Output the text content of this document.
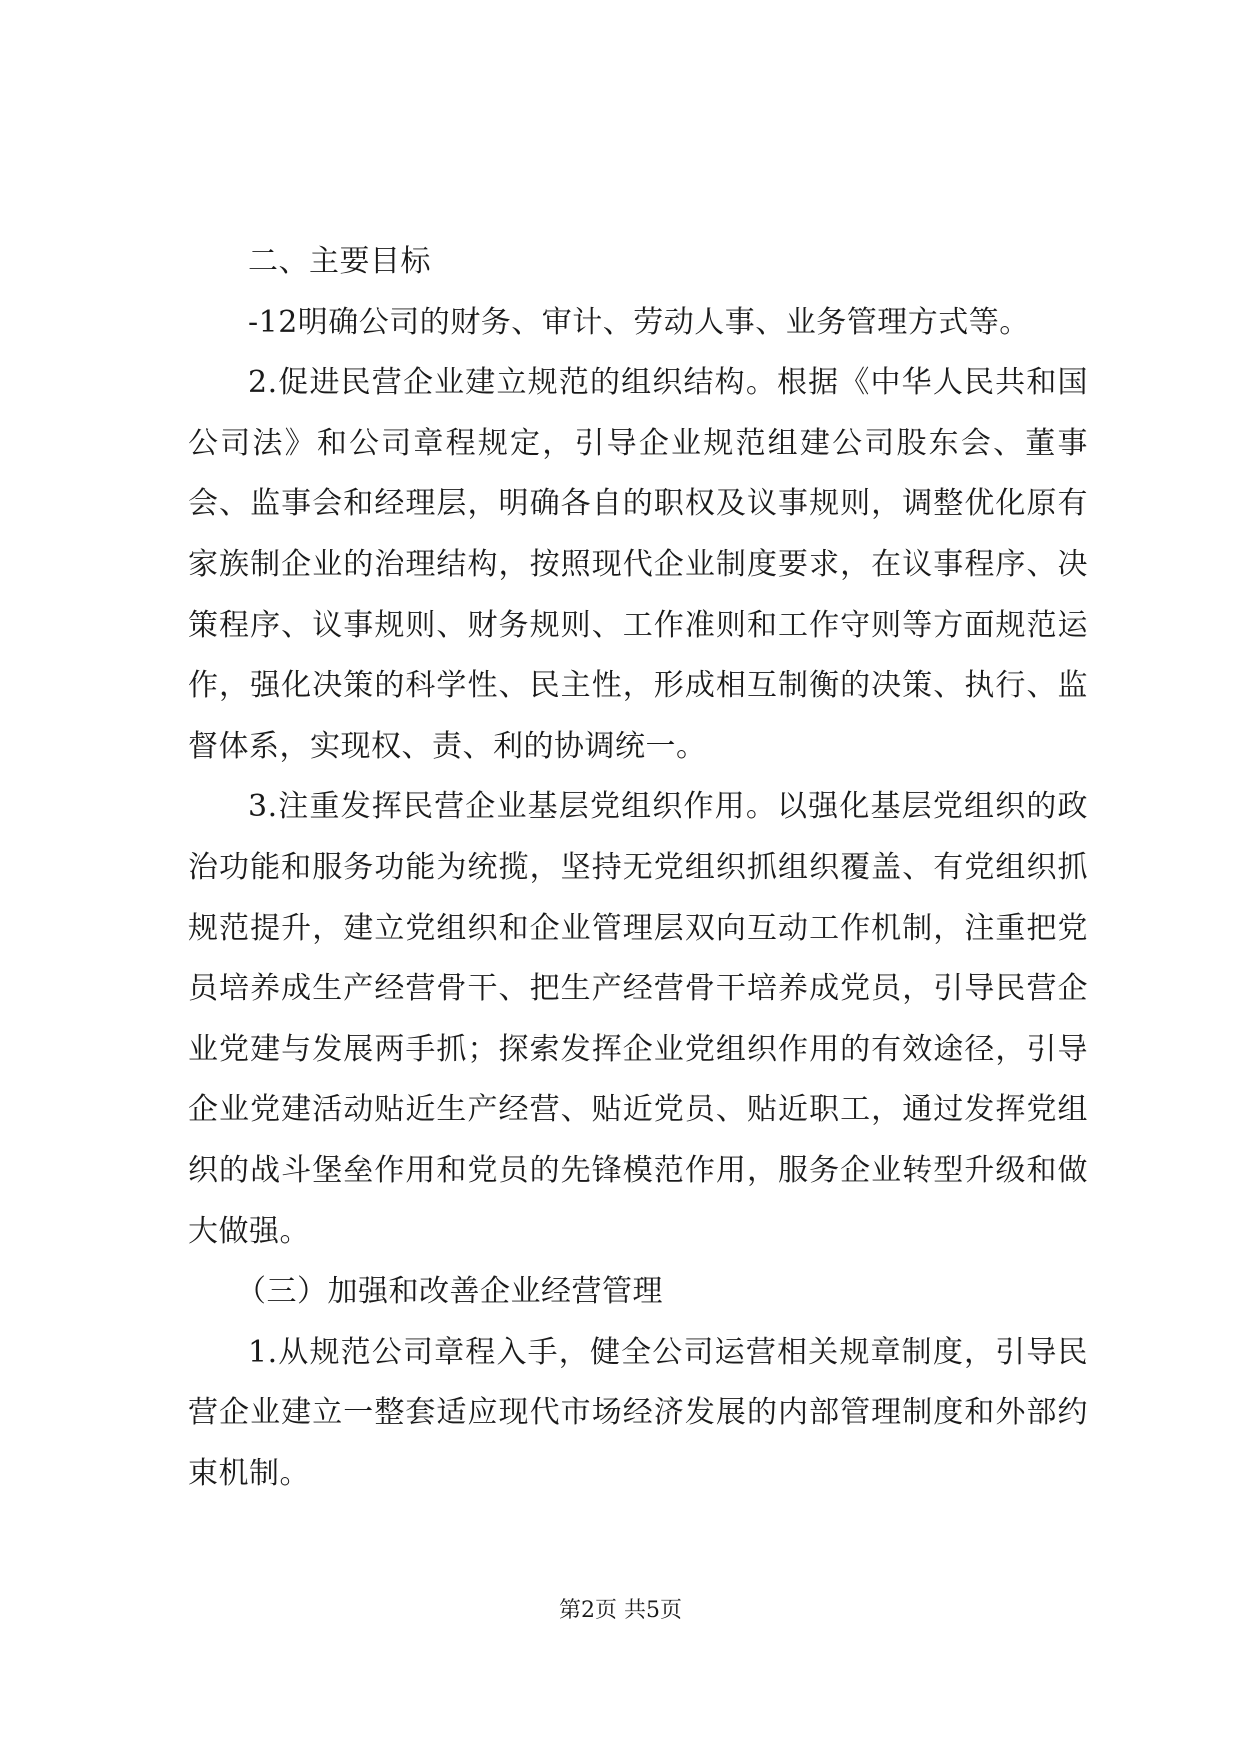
二、主要目标

-12明确公司的财务、审计、劳动人事、业务管理方式等。

2.促进民营企业建立规范的组织结构。根据《中华人民共和国公司法》和公司章程规定，引导企业规范组建公司股东会、董事会、监事会和经理层，明确各自的职权及议事规则，调整优化原有家族制企业的治理结构，按照现代企业制度要求，在议事程序、决策程序、议事规则、财务规则、工作准则和工作守则等方面规范运作，强化决策的科学性、民主性，形成相互制衡的决策、执行、监督体系，实现权、责、利的协调统一。

3.注重发挥民营企业基层党组织作用。以强化基层党组织的政治功能和服务功能为统揽，坚持无党组织抓组织覆盖、有党组织抓规范提升，建立党组织和企业管理层双向互动工作机制，注重把党员培养成生产经营骨干、把生产经营骨干培养成党员，引导民营企业党建与发展两手抓；探索发挥企业党组织作用的有效途径，引导企业党建活动贴近生产经营、贴近党员、贴近职工，通过发挥党组织的战斗堡垒作用和党员的先锋模范作用，服务企业转型升级和做大做强。

（三）加强和改善企业经营管理

1.从规范公司章程入手，健全公司运营相关规章制度，引导民营企业建立一整套适应现代市场经济发展的内部管理制度和外部约束机制。

第2页 共5页
